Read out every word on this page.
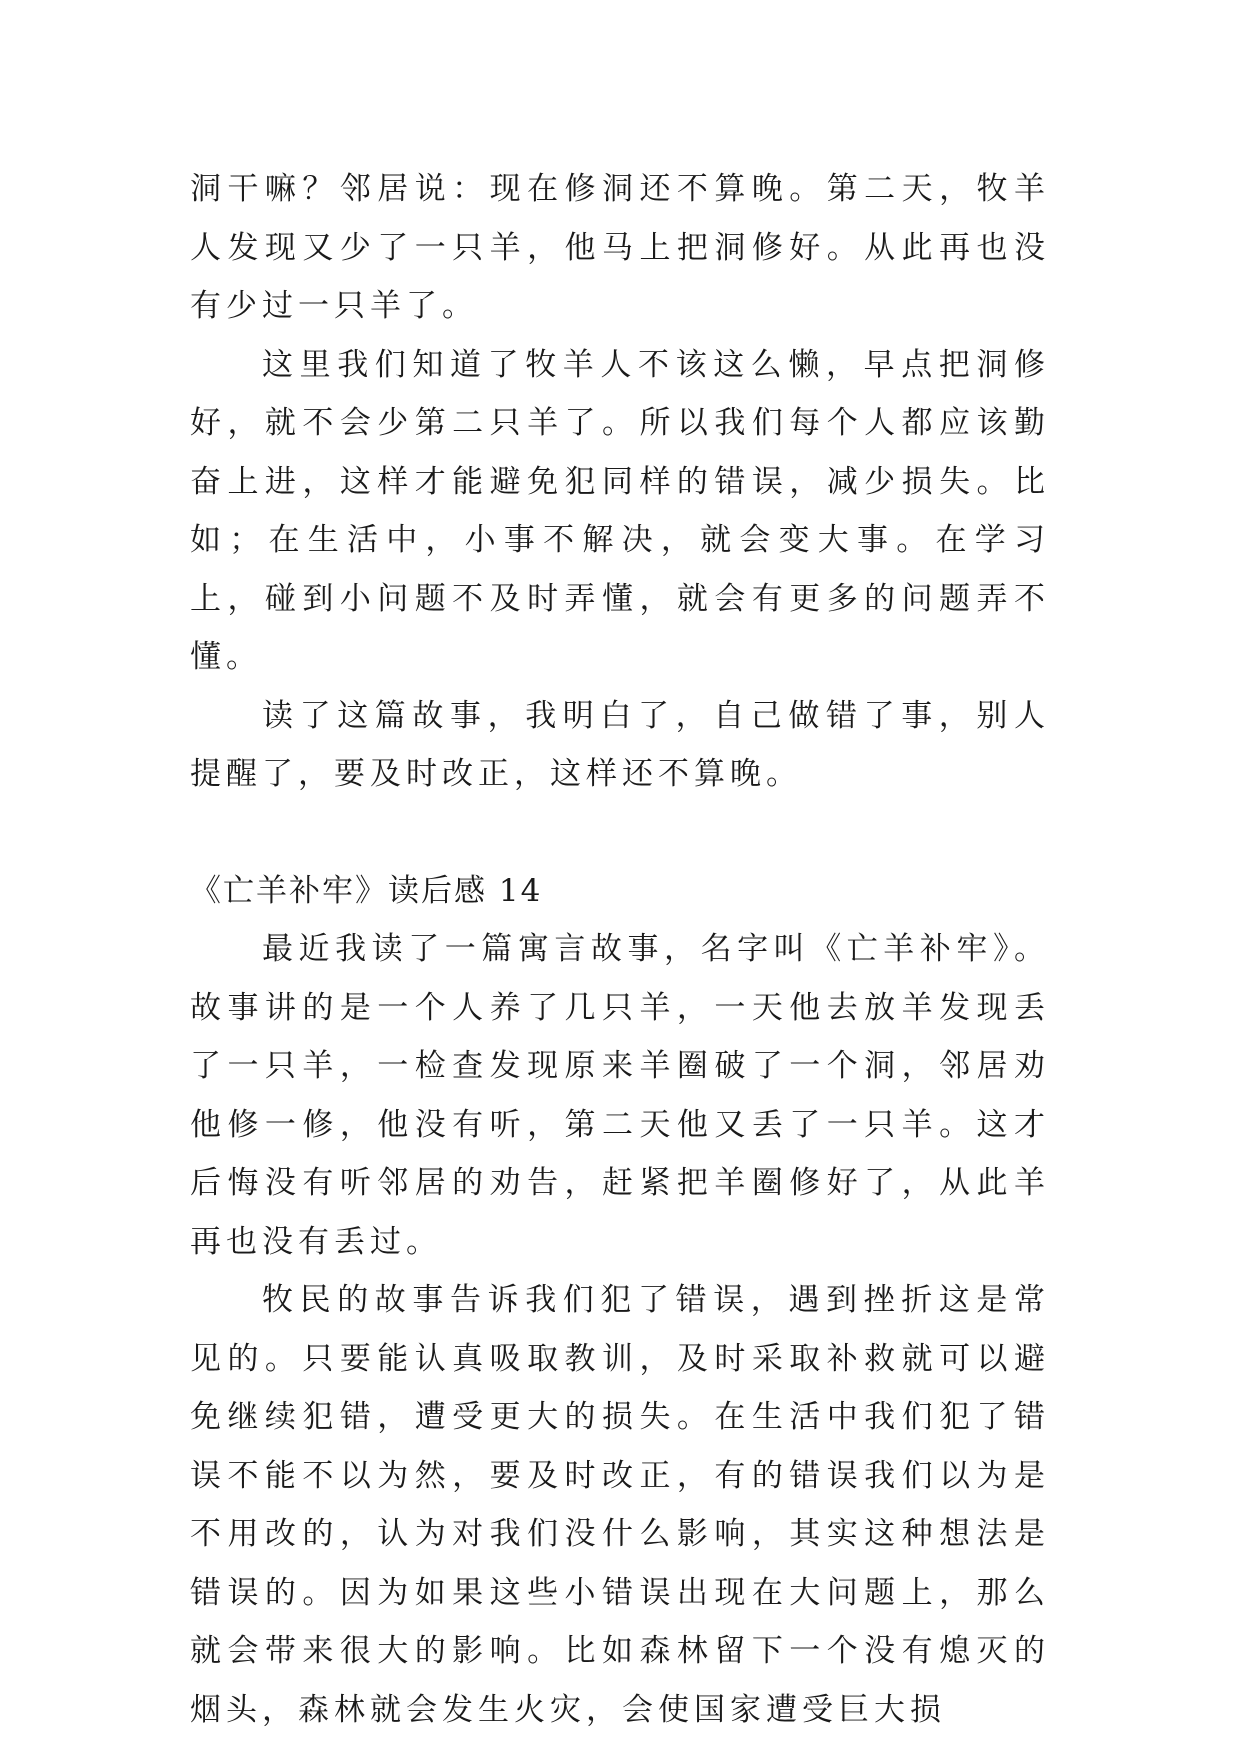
洞干嘛？邻居说：现在修洞还不算晚。第二天，牧羊人发现又少了一只羊，他马上把洞修好。从此再也没有少过一只羊了。

这里我们知道了牧羊人不该这么懒，早点把洞修好，就不会少第二只羊了。所以我们每个人都应该勤奋上进，这样才能避免犯同样的错误，减少损失。比如；在生活中，小事不解决，就会变大事。在学习上，碰到小问题不及时弄懂，就会有更多的问题弄不懂。

读了这篇故事，我明白了，自己做错了事，别人提醒了，要及时改正，这样还不算晚。

《亡羊补牢》读后感 14

最近我读了一篇寓言故事，名字叫《亡羊补牢》。故事讲的是一个人养了几只羊，一天他去放羊发现丢了一只羊，一检查发现原来羊圈破了一个洞，邻居劝他修一修，他没有听，第二天他又丢了一只羊。这才后悔没有听邻居的劝告，赶紧把羊圈修好了，从此羊再也没有丢过。

牧民的故事告诉我们犯了错误，遇到挫折这是常见的。只要能认真吸取教训，及时采取补救就可以避免继续犯错，遭受更大的损失。在生活中我们犯了错误不能不以为然，要及时改正，有的错误我们以为是不用改的，认为对我们没什么影响，其实这种想法是错误的。因为如果这些小错误出现在大问题上，那么就会带来很大的影响。比如森林留下一个没有熄灭的烟头，森林就会发生火灾，会使国家遭受巨大损
